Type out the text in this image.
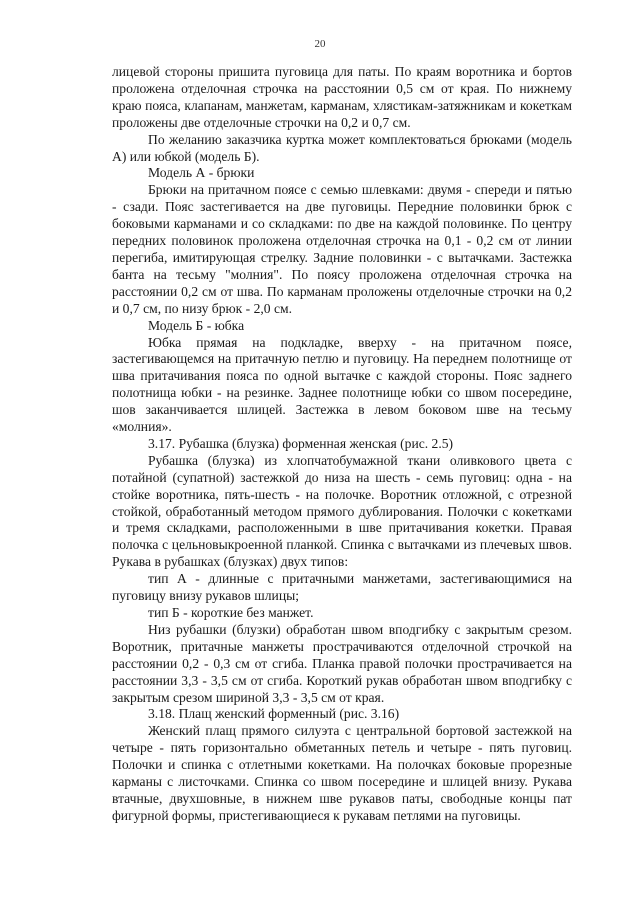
20

лицевой стороны пришита пуговица для паты. По краям воротника и бортов проложена отделочная строчка на расстоянии 0,5 см от края. По нижнему краю пояса, клапанам, манжетам, карманам, хлястикам-затяжникам и кокеткам проложены две отделочные строчки на 0,2 и 0,7 см.

По желанию заказчика куртка может комплектоваться брюками (модель А) или юбкой (модель Б).

Модель А - брюки

Брюки на притачном поясе с семью шлевками: двумя - спереди и пятью - сзади. Пояс застегивается на две пуговицы. Передние половинки брюк с боковыми карманами и со складками: по две на каждой половинке. По центру передних половинок проложена отделочная строчка на 0,1 - 0,2 см от линии перегиба, имитирующая стрелку. Задние половинки - с вытачками. Застежка банта на тесьму "молния". По поясу проложена отделочная строчка на расстоянии 0,2 см от шва. По карманам проложены отделочные строчки на 0,2 и 0,7 см, по низу брюк - 2,0 см.

Модель Б - юбка

Юбка прямая на подкладке, вверху - на притачном поясе, застегивающемся на притачную петлю и пуговицу. На переднем полотнище от шва притачивания пояса по одной вытачке с каждой стороны. Пояс заднего полотнища юбки - на резинке. Заднее полотнище юбки со швом посередине, шов заканчивается шлицей. Застежка в левом боковом шве на тесьму «молния».

3.17. Рубашка (блузка) форменная женская (рис. 2.5)

Рубашка (блузка) из хлопчатобумажной ткани оливкового цвета с потайной (супатной) застежкой до низа на шесть - семь пуговиц: одна - на стойке воротника, пять-шесть - на полочке. Воротник отложной, с отрезной стойкой, обработанный методом прямого дублирования. Полочки с кокетками и тремя складками, расположенными в шве притачивания кокетки. Правая полочка с цельновыкроенной планкой. Спинка с вытачками из плечевых швов. Рукава в рубашках (блузках) двух типов:

тип А - длинные с притачными манжетами, застегивающимися на пуговицу внизу рукавов шлицы;

тип Б - короткие без манжет.

Низ рубашки (блузки) обработан швом вподгибку с закрытым срезом. Воротник, притачные манжеты прострачиваются отделочной строчкой на расстоянии 0,2 - 0,3 см от сгиба. Планка правой полочки прострачивается на расстоянии 3,3 - 3,5 см от сгиба. Короткий рукав обработан швом вподгибку с закрытым срезом шириной 3,3 - 3,5 см от края.

3.18. Плащ женский форменный (рис. 3.16)

Женский плащ прямого силуэта с центральной бортовой застежкой на четыре - пять горизонтально обметанных петель и четыре - пять пуговиц. Полочки и спинка с отлетными кокетками. На полочках боковые прорезные карманы с листочками. Спинка со швом посередине и шлицей внизу. Рукава втачные, двухшовные, в нижнем шве рукавов паты, свободные концы пат фигурной формы, пристегивающиеся к рукавам петлями на пуговицы.
